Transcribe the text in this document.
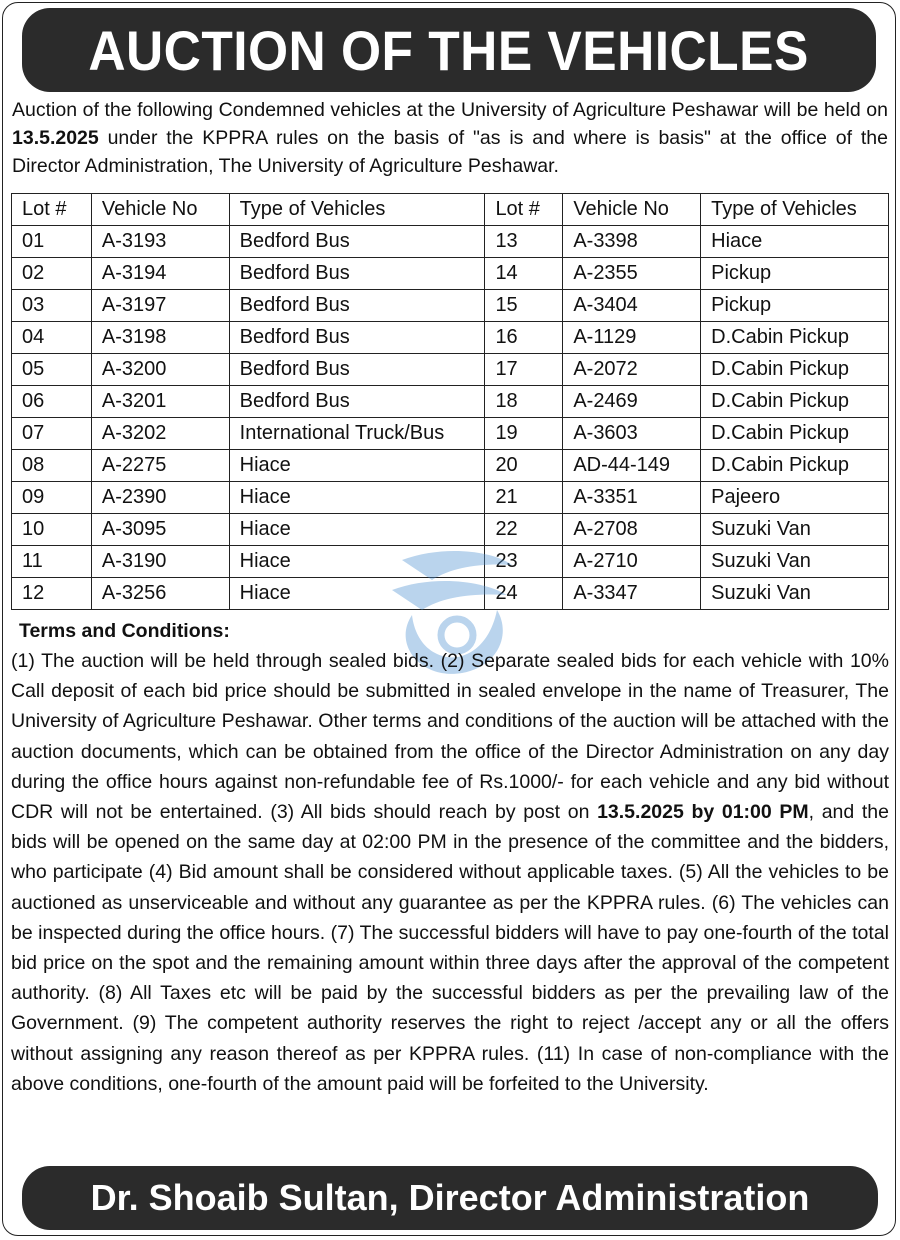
AUCTION OF THE VEHICLES

Auction of the following Condemned vehicles at the University of Agriculture Peshawar will be held on 13.5.2025 under the KPPRA rules on the basis of "as is and where is basis" at the office of the Director Administration, The University of Agriculture Peshawar.

Lot #	Vehicle No	Type of Vehicles	Lot #	Vehicle No	Type of Vehicles
01	A-3193	Bedford Bus	13	A-3398	Hiace
02	A-3194	Bedford Bus	14	A-2355	Pickup
03	A-3197	Bedford Bus	15	A-3404	Pickup
04	A-3198	Bedford Bus	16	A-1129	D.Cabin Pickup
05	A-3200	Bedford Bus	17	A-2072	D.Cabin Pickup
06	A-3201	Bedford Bus	18	A-2469	D.Cabin Pickup
07	A-3202	International Truck/Bus	19	A-3603	D.Cabin Pickup
08	A-2275	Hiace	20	AD-44-149	D.Cabin Pickup
09	A-2390	Hiace	21	A-3351	Pajeero
10	A-3095	Hiace	22	A-2708	Suzuki Van
11	A-3190	Hiace	23	A-2710	Suzuki Van
12	A-3256	Hiace	24	A-3347	Suzuki Van
Terms and Conditions:

(1) The auction will be held through sealed bids. (2) Separate sealed bids for each vehicle with 10% Call deposit of each bid price should be submitted in sealed envelope in the name of Treasurer, The University of Agriculture Peshawar. Other terms and conditions of the auction will be attached with the auction documents, which can be obtained from the office of the Director Administration on any day during the office hours against non-refundable fee of Rs.1000/- for each vehicle and any bid without CDR will not be entertained. (3) All bids should reach by post on 13.5.2025 by 01:00 PM, and the bids will be opened on the same day at 02:00 PM in the presence of the committee and the bidders, who participate (4) Bid amount shall be considered without applicable taxes. (5) All the vehicles to be auctioned as unserviceable and without any guarantee as per the KPPRA rules. (6) The vehicles can be inspected during the office hours. (7) The successful bidders will have to pay one-fourth of the total bid price on the spot and the remaining amount within three days after the approval of the competent authority. (8) All Taxes etc will be paid by the successful bidders as per the prevailing law of the Government. (9) The competent authority reserves the right to reject /accept any or all the offers without assigning any reason thereof as per KPPRA rules. (11) In case of non-compliance with the above conditions, one-fourth of the amount paid will be forfeited to the University.

Dr. Shoaib Sultan, Director Administration
